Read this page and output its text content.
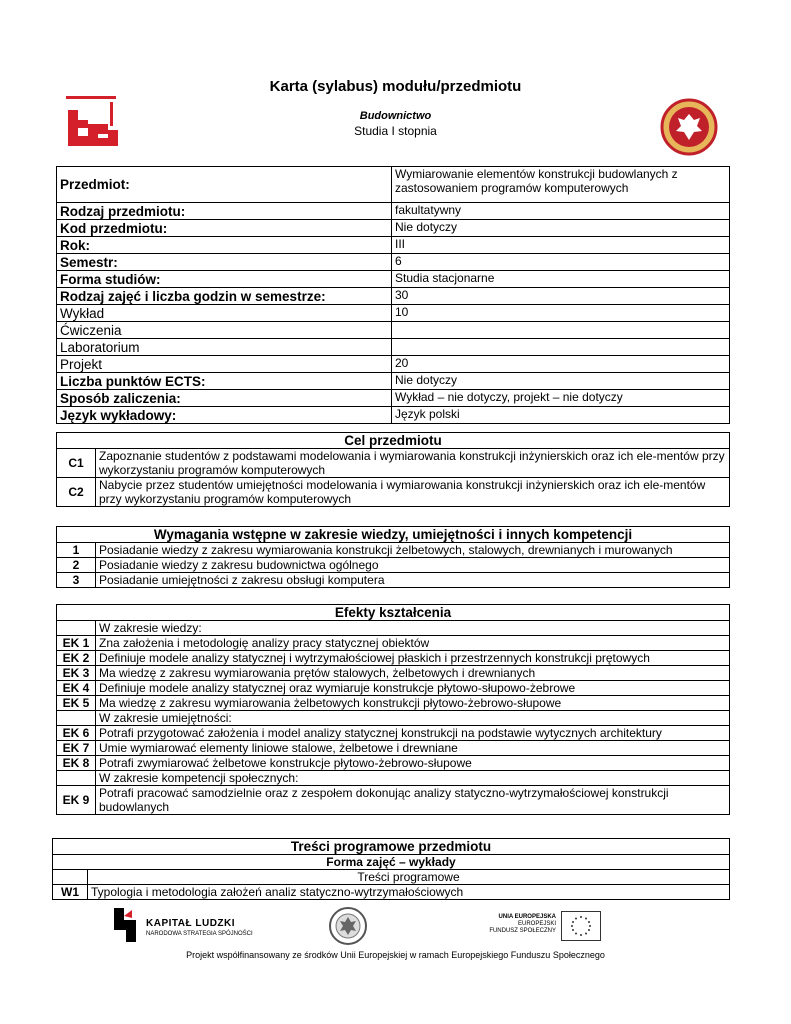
Karta (sylabus) modułu/przedmiotu
Budownictwo
Studia I stopnia
Przedmiot:	Wymiarowanie elementów konstrukcji budowlanych z zastosowaniem programów komputerowych
Rodzaj przedmiotu:	fakultatywny
Kod przedmiotu:	Nie dotyczy
Rok:	III
Semestr:	6
Forma studiów:	Studia stacjonarne
Rodzaj zajęć i liczba godzin w semestrze:	30
Wykład	10
Ćwiczenia	
Laboratorium	
Projekt	20
Liczba punktów ECTS:	Nie dotyczy
Sposób zaliczenia:	Wykład – nie dotyczy, projekt – nie dotyczy
Język wykładowy:	Język polski
Cel przedmiotu	
C1	Zapoznanie studentów z podstawami modelowania i wymiarowania konstrukcji inżynierskich oraz ich ele-mentów przy wykorzystaniu programów komputerowych
C2	Nabycie przez studentów umiejętności modelowania i wymiarowania konstrukcji inżynierskich oraz ich ele-mentów przy wykorzystaniu programów komputerowych
Wymagania wstępne w zakresie wiedzy, umiejętności i innych kompetencji	
1	Posiadanie wiedzy z zakresu wymiarowania konstrukcji żelbetowych, stalowych, drewnianych i murowanych
2	Posiadanie wiedzy z zakresu budownictwa ogólnego
3	Posiadanie umiejętności z zakresu obsługi komputera
Efekty kształcenia	
	W zakresie wiedzy:
EK 1	Zna założenia i metodologię analizy pracy statycznej obiektów
EK 2	Definiuje modele analizy statycznej i wytrzymałościowej płaskich i przestrzennych konstrukcji prętowych
EK 3	Ma wiedzę z zakresu wymiarowania prętów stalowych, żelbetowych i drewnianych
EK 4	Definiuje modele analizy statycznej oraz wymiaruje konstrukcje płytowo-słupowo-żebrowe
EK 5	Ma wiedzę z zakresu wymiarowania żelbetowych konstrukcji płytowo-żebrowo-słupowe
	W zakresie umiejętności:
EK 6	Potrafi przygotować założenia i model analizy statycznej konstrukcji na podstawie wytycznych architektury
EK 7	Umie wymiarować elementy liniowe stalowe, żelbetowe i drewniane
EK 8	Potrafi zwymiarować żelbetowe konstrukcje płytowo-żebrowo-słupowe
	W zakresie kompetencji społecznych:
EK 9	Potrafi pracować samodzielnie oraz z zespołem dokonując analizy statyczno-wytrzymałościowej konstrukcji budowlanych
Treści programowe przedmiotu	
Forma zajęć – wykłady	
	Treści programowe
W1	Typologia i metodologia założeń analiz statyczno-wytrzymałościowych
KAPITAŁ LUDZKI
NARODOWA STRATEGIA SPÓJNOŚCI
UNIA EUROPEJSKA
EUROPEJSKI
FUNDUSZ SPOŁECZNY
Projekt współfinansowany ze środków Unii Europejskiej w ramach Europejskiego Funduszu Społecznego
